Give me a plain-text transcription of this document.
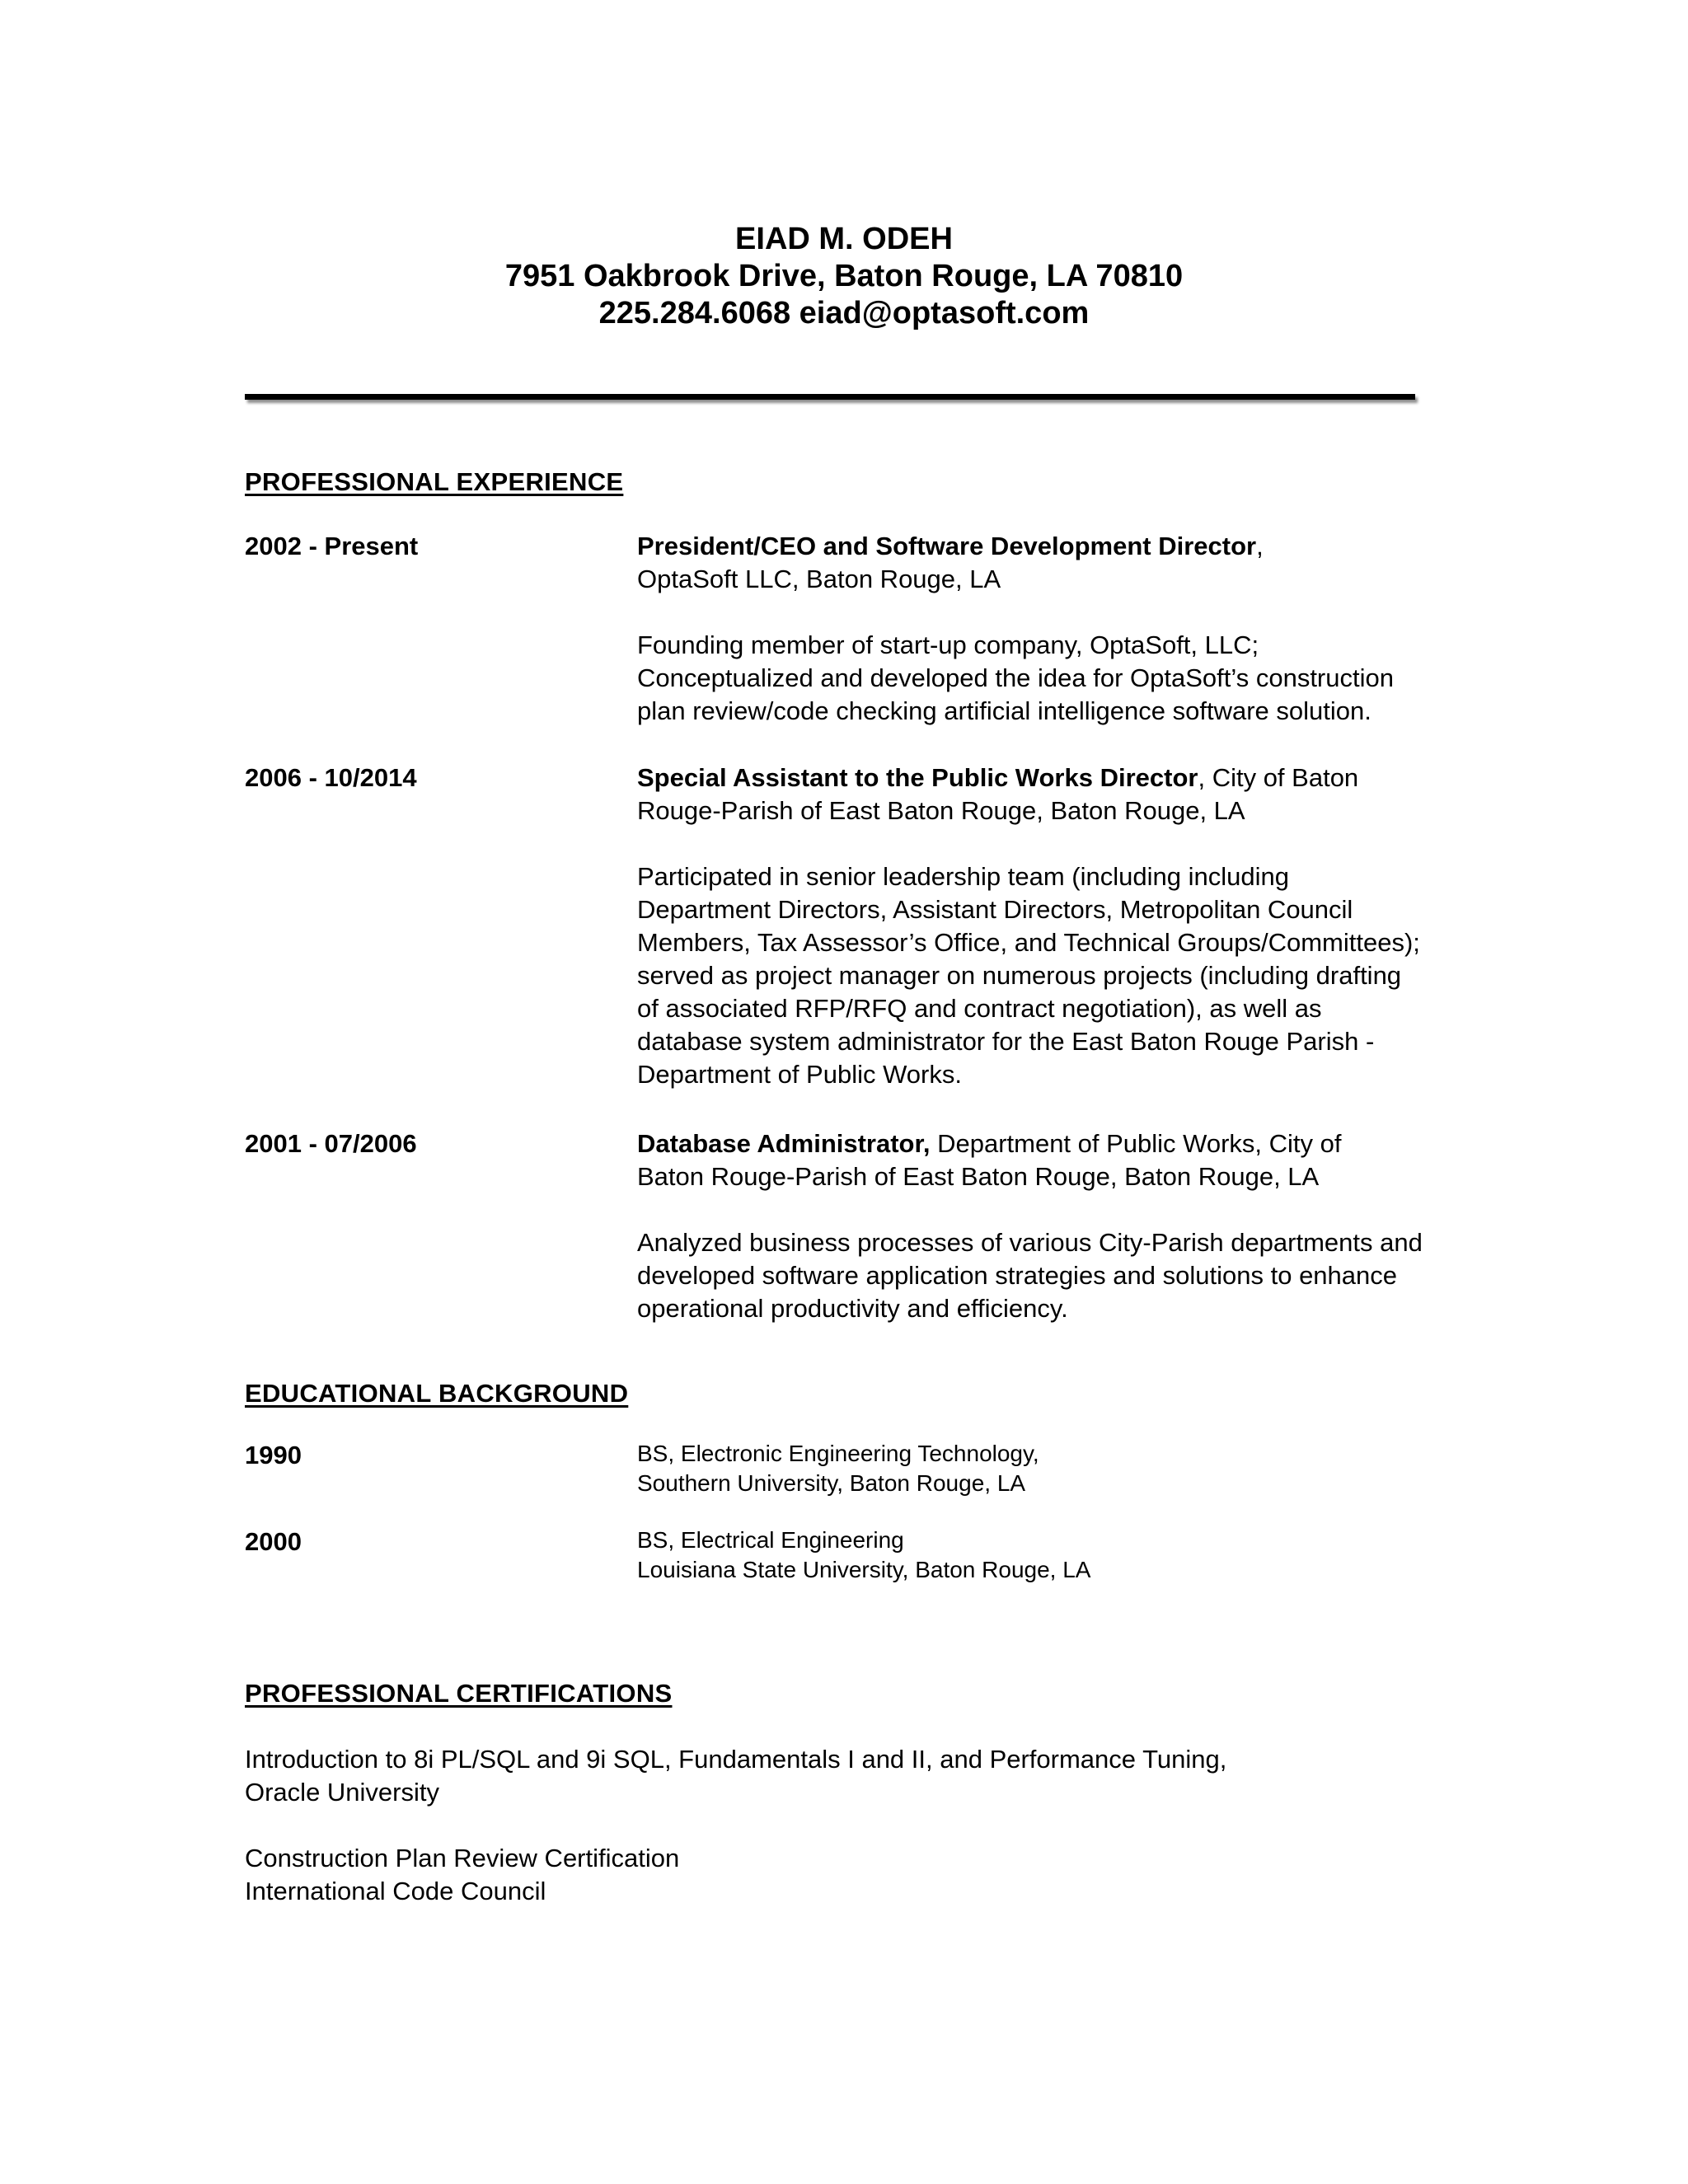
EIAD M. ODEH
7951 Oakbrook Drive, Baton Rouge, LA 70810
225.284.6068 eiad@optasoft.com
PROFESSIONAL EXPERIENCE
2002 - Present	President/CEO and Software Development Director,

OptaSoft LLC, Baton Rouge, LA

Founding member of start-up company, OptaSoft, LLC;

Conceptualized and developed the idea for OptaSoft’s construction

plan review/code checking artificial intelligence software solution.

2006 - 10/2014	Special Assistant to the Public Works Director, City of Baton

Rouge-Parish of East Baton Rouge, Baton Rouge, LA

Participated in senior leadership team (including including

Department Directors, Assistant Directors, Metropolitan Council

Members, Tax Assessor’s Office, and Technical Groups/Committees);

served as project manager on numerous projects (including drafting

of associated RFP/RFQ and contract negotiation), as well as

database system administrator for the East Baton Rouge Parish -

Department of Public Works.

2001 - 07/2006	Database Administrator, Department of Public Works, City of

Baton Rouge-Parish of East Baton Rouge, Baton Rouge, LA

Analyzed business processes of various City-Parish departments and

developed software application strategies and solutions to enhance

operational productivity and efficiency.

EDUCATIONAL BACKGROUND
1990	BS, Electronic Engineering Technology,
Southern University, Baton Rouge, LA
2000	BS, Electrical Engineering
Louisiana State University, Baton Rouge, LA
PROFESSIONAL CERTIFICATIONS
Introduction to 8i PL/SQL and 9i SQL, Fundamentals I and II, and Performance Tuning,
Oracle University
Construction Plan Review Certification
International Code Council
